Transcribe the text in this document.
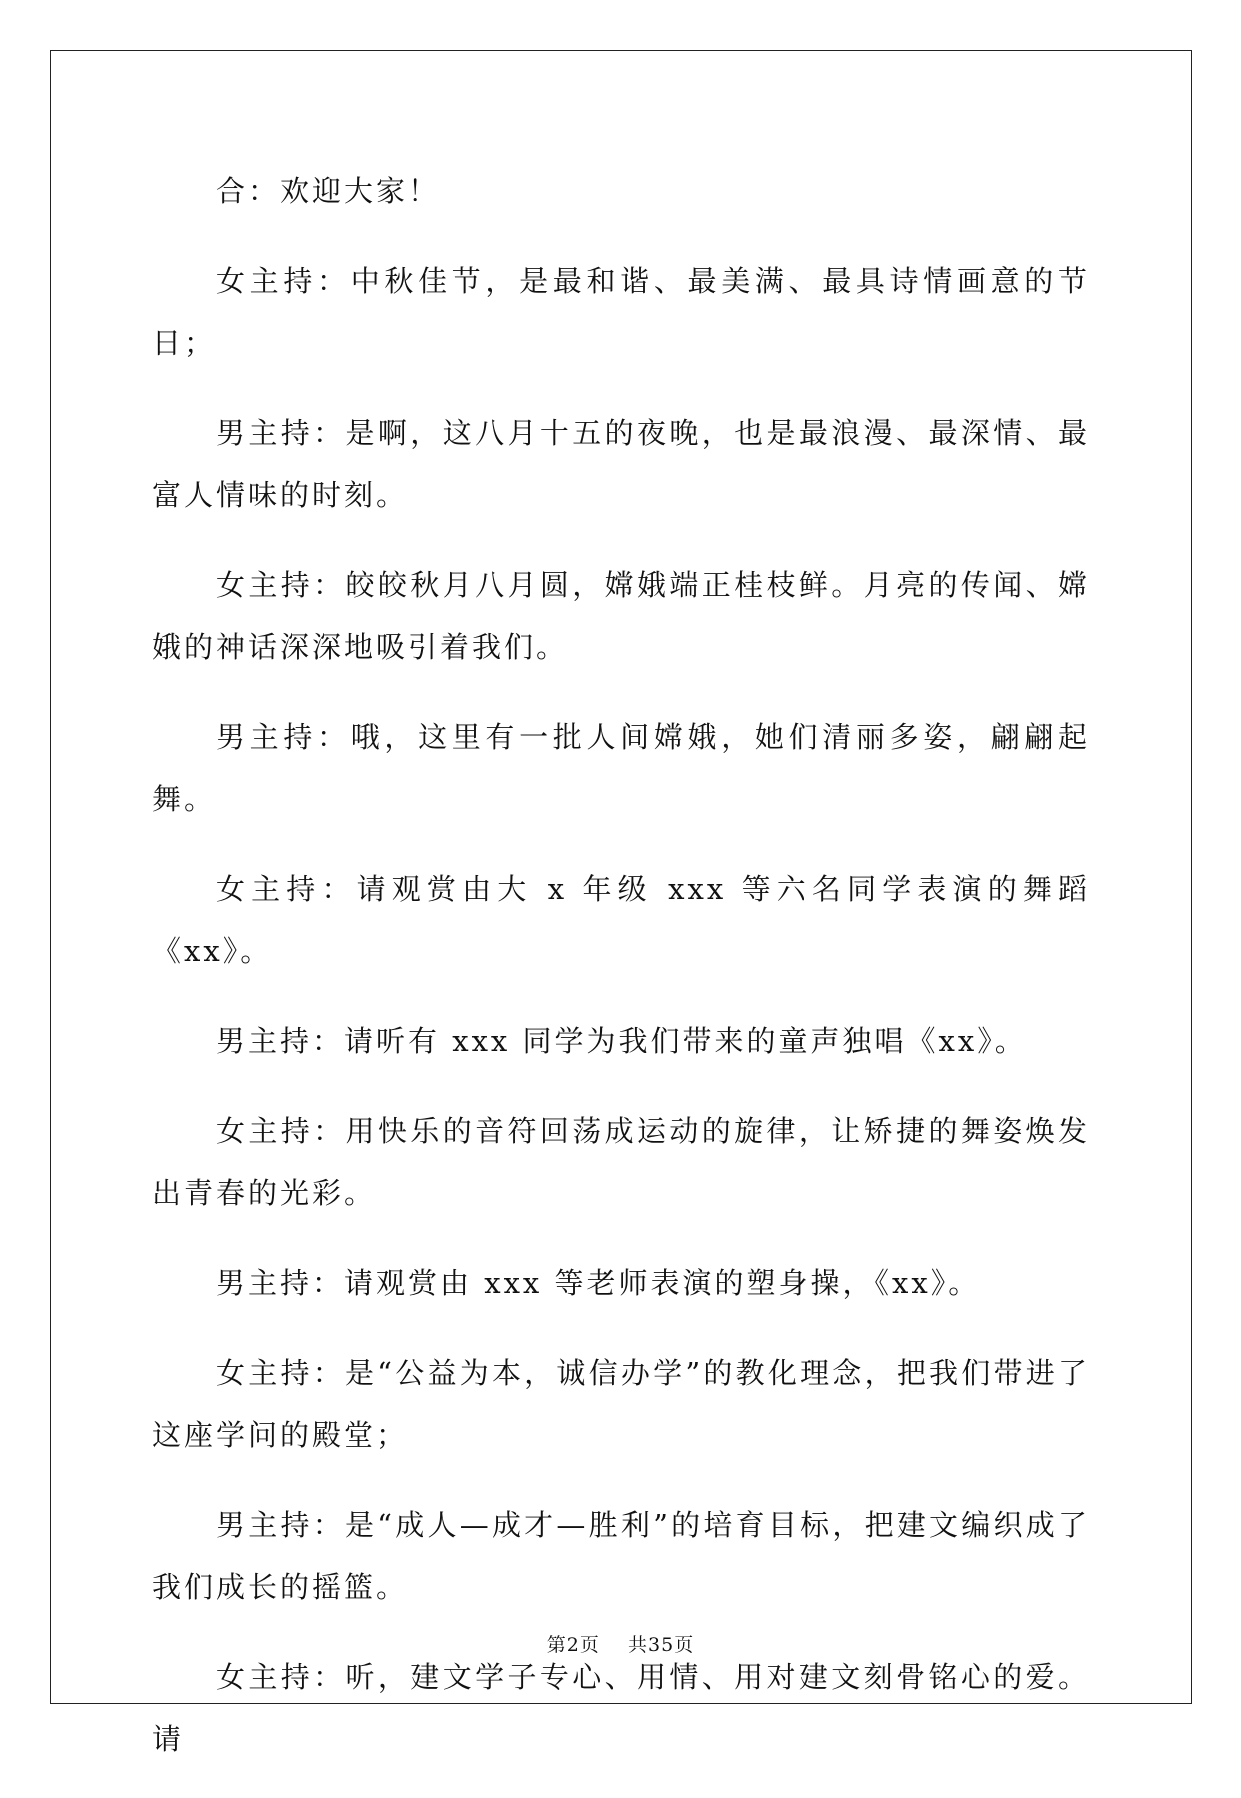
合：欢迎大家！

女主持：中秋佳节，是最和谐、最美满、最具诗情画意的节日；

男主持：是啊，这八月十五的夜晚，也是最浪漫、最深情、最富人情味的时刻。

女主持：皎皎秋月八月圆，嫦娥端正桂枝鲜。月亮的传闻、嫦娥的神话深深地吸引着我们。

男主持：哦，这里有一批人间嫦娥，她们清丽多姿，翩翩起舞。

女主持：请观赏由大 x 年级 xxx 等六名同学表演的舞蹈《xx》。

男主持：请听有 xxx 同学为我们带来的童声独唱《xx》。

女主持：用快乐的音符回荡成运动的旋律，让矫捷的舞姿焕发出青春的光彩。

男主持：请观赏由 xxx 等老师表演的塑身操，《xx》。

女主持：是“公益为本，诚信办学”的教化理念，把我们带进了这座学问的殿堂；

男主持：是“成人—成才—胜利”的培育目标，把建文编织成了我们成长的摇篮。

女主持：听，建文学子专心、用情、用对建文刻骨铭心的爱。请

第2页    共35页
